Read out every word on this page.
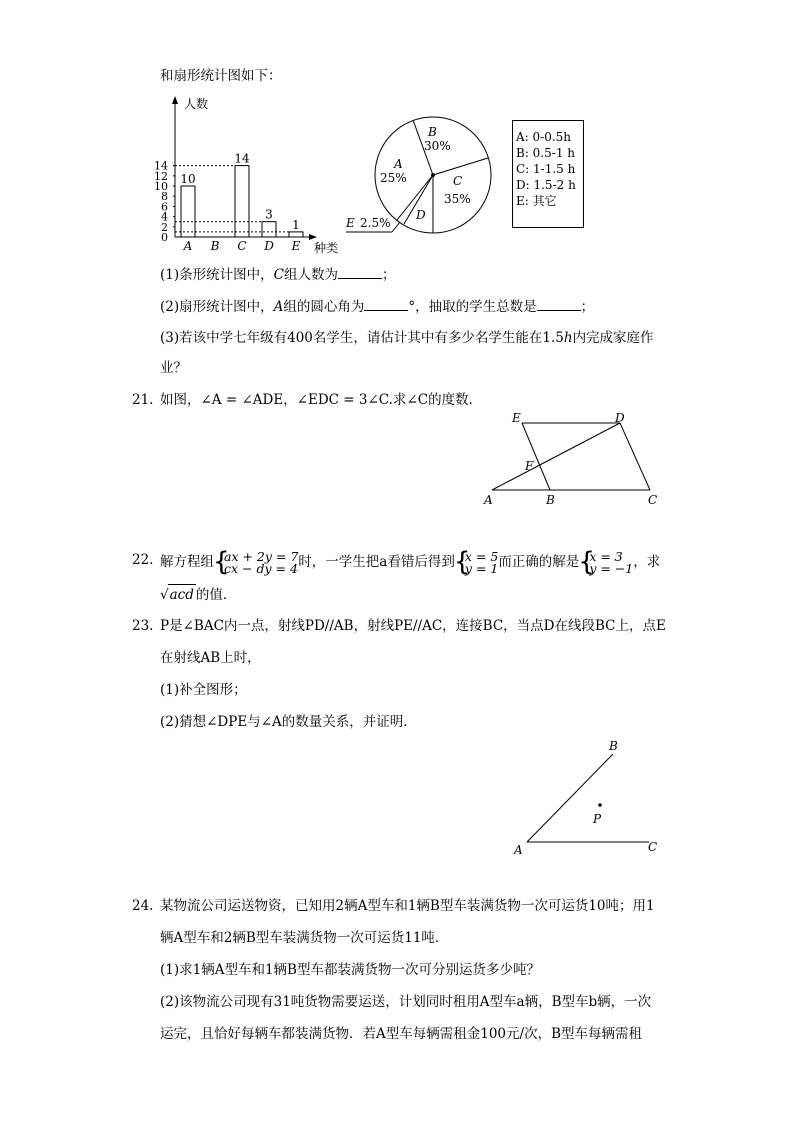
和扇形统计图如下：
14
12
10
8
6
4
2
0
10
A B
14
C
3
D
1
E
人数
种类
B
30%
A
25%	C
35%
D
E 2.5%
A: 0-0.5h
B: 0.5-1 h
C: 1-1.5 h
D: 1.5-2 h
E: 其它
(1)条形统计图中，C组人数为	；
(2)扇形统计图中，A组的圆心角为	°，抽取的学生总数是	；
(3)若该中学七年级有400名学生，请估计其中有多少名学生能在1.5h内完成家庭作
业？
21. 如图，∠A = ∠ADE，∠EDC = 3∠C.求∠C的度数．
E	D
F
A	B	C
22. 解方程组 { ax + 2y = 7
cx − dy = 4 时，一学生把a看错后得到 { x = 5
y = 1 而正确的解是 { x = 3
y = −1 ，求
√acd 的值．
23. P是∠BAC内一点，射线PD//AB，射线PE//AC，连接BC，当点D在线段BC上，点E
在射线AB上时，
(1)补全图形；
(2)猜想∠DPE与∠A的数量关系，并证明．
B
P
A	C
24. 某物流公司运送物资，已知用2辆A型车和1辆B型车装满货物一次可运货10吨；用1
辆A型车和2辆B型车装满货物一次可运货11吨．
(1)求1辆A型车和1辆B型车都装满货物一次可分别运货多少吨？
(2)该物流公司现有31吨货物需要运送，计划同时租用A型车a辆，B型车b辆，一次
运完，且恰好每辆车都装满货物．若A型车每辆需租金100元/次，B型车每辆需租
